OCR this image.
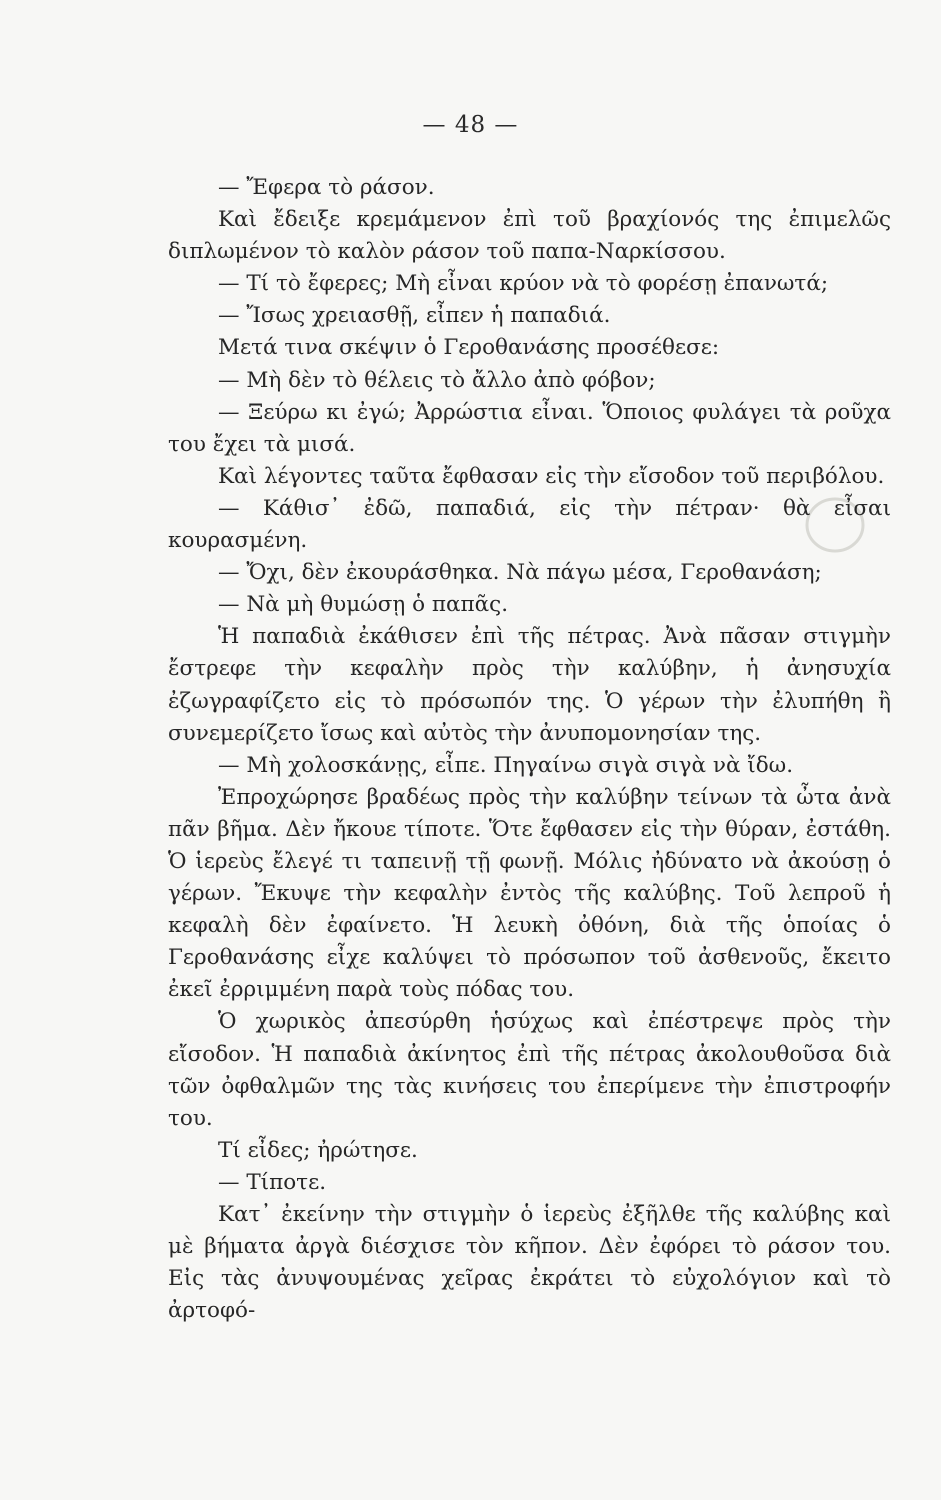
— 48 —

— Ἔφερα τὸ ράσον.

Καὶ ἔδειξε κρεμάμενον ἐπὶ τοῦ βραχίονός της ἐπιμελῶς διπλωμένον τὸ καλὸν ράσον τοῦ παπα-Ναρκίσσου.

— Τί τὸ ἔφερες; Μὴ εἶναι κρύον νὰ τὸ φορέσῃ ἐπανωτά;

— Ἴσως χρειασθῇ, εἶπεν ἡ παπαδιά.

Μετά τινα σκέψιν ὁ Γεροθανάσης προσέθεσε:

— Μὴ δὲν τὸ θέλεις τὸ ἄλλο ἀπὸ φόβον;

— Ξεύρω κι ἐγώ; Ἀρρώστια εἶναι. Ὅποιος φυλάγει τὰ ροῦχα του ἔχει τὰ μισά.

Καὶ λέγοντες ταῦτα ἔφθασαν εἰς τὴν εἴσοδον τοῦ περιβόλου.

— Κάθισ᾽ ἐδῶ, παπαδιά, εἰς τὴν πέτραν· θὰ εἶσαι κουρασμένη.

— Ὄχι, δὲν ἐκουράσθηκα. Νὰ πάγω μέσα, Γεροθανάση;

— Νὰ μὴ θυμώσῃ ὁ παπᾶς.

Ἡ παπαδιὰ ἐκάθισεν ἐπὶ τῆς πέτρας. Ἀνὰ πᾶσαν στιγμὴν ἔστρεφε τὴν κεφαλὴν πρὸς τὴν καλύβην, ἡ ἀνησυχία ἐζωγραφίζετο εἰς τὸ πρόσωπόν της. Ὁ γέρων τὴν ἐλυπήθη ἢ συνεμερίζετο ἴσως καὶ αὐτὸς τὴν ἀνυπομονησίαν της.

— Μὴ χολοσκάνῃς, εἶπε. Πηγαίνω σιγὰ σιγὰ νὰ ἴδω.

Ἐπροχώρησε βραδέως πρὸς τὴν καλύβην τείνων τὰ ὦτα ἀνὰ πᾶν βῆμα. Δὲν ἤκουε τίποτε. Ὅτε ἔφθασεν εἰς τὴν θύραν, ἐστάθη. Ὁ ἱερεὺς ἔλεγέ τι ταπεινῇ τῇ φωνῇ. Μόλις ἠδύνατο νὰ ἀκούσῃ ὁ γέρων. Ἔκυψε τὴν κεφαλὴν ἐντὸς τῆς καλύβης. Τοῦ λεπροῦ ἡ κεφαλὴ δὲν ἐφαίνετο. Ἡ λευκὴ ὀθόνη, διὰ τῆς ὁποίας ὁ Γεροθανάσης εἶχε καλύψει τὸ πρόσωπον τοῦ ἀσθενοῦς, ἔκειτο ἐκεῖ ἐρριμμένη παρὰ τοὺς πόδας του.

Ὁ χωρικὸς ἀπεσύρθη ἡσύχως καὶ ἐπέστρεψε πρὸς τὴν εἴσοδον. Ἡ παπαδιὰ ἀκίνητος ἐπὶ τῆς πέτρας ἀκολουθοῦσα διὰ τῶν ὀφθαλμῶν της τὰς κινήσεις του ἐπερίμενε τὴν ἐπιστροφήν του.

Τί εἶδες; ἠρώτησε.

— Τίποτε.

Κατ᾽ ἐκείνην τὴν στιγμὴν ὁ ἱερεὺς ἐξῆλθε τῆς καλύβης καὶ μὲ βήματα ἀργὰ διέσχισε τὸν κῆπον. Δὲν ἐφόρει τὸ ράσον του. Εἰς τὰς ἀνυψουμένας χεῖρας ἐκράτει τὸ εὐχολόγιον καὶ τὸ ἀρτοφό-
